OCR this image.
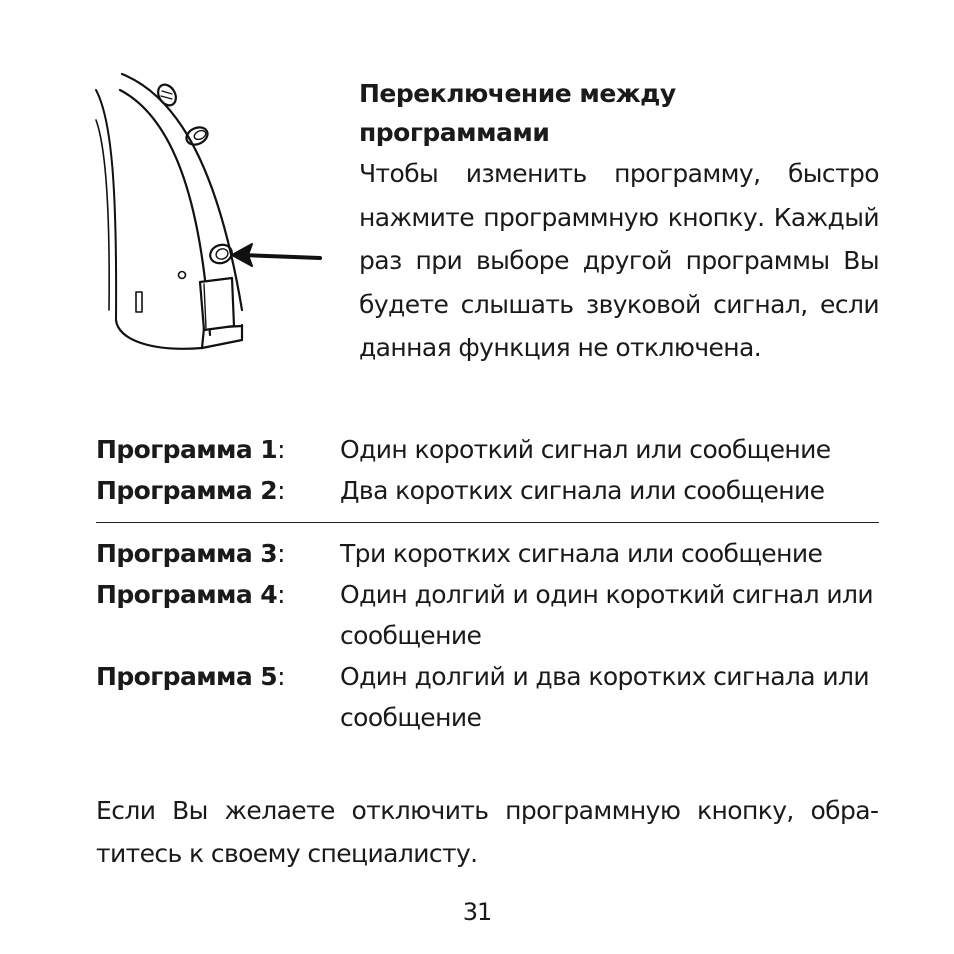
Переключение между
программами

Чтобы изменить программу, быстро нажмите программную кнопку. Каждый раз при выборе другой программы Вы будете слышать звуковой сигнал, если данная функция не отключена.

Программа 1:	Один короткий сигнал или сообщение
Программа 2:	Два коротких сигнала или сообщение
Программа 3:	Три коротких сигнала или сообщение
Программа 4:	Один долгий и один короткий сигнал или сообщение
Программа 5:	Один долгий и два коротких сигнала или сообщение

Если Вы желаете отключить программную кнопку, обратитесь к своему специалисту.

31
